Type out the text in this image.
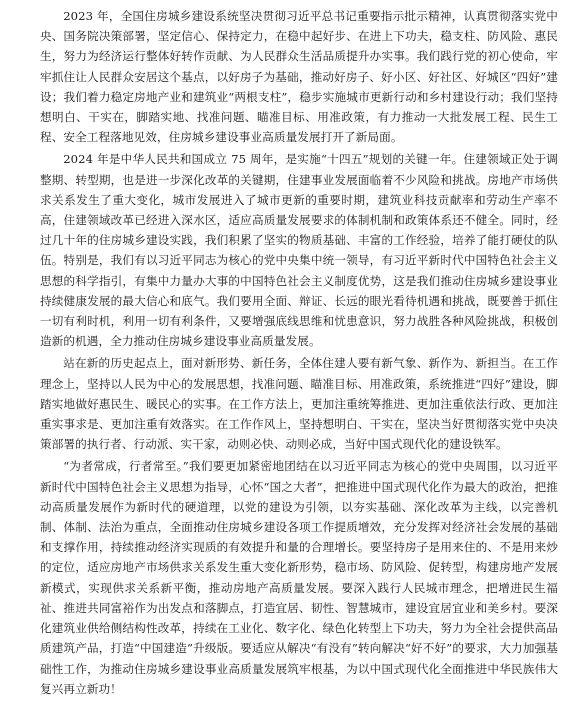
2023 年，全国住房城乡建设系统坚决贯彻习近平总书记重要指示批示精神，认真贯彻落实党中央、国务院决策部署，坚定信心、保持定力，在稳中起好步、在进上下功夫，稳支柱、防风险、惠民生，努力为经济运行整体好转作贡献、为人民群众生活品质提升办实事。我们践行党的初心使命，牢牢抓住让人民群众安居这个基点，以好房子为基础，推动好房子、好小区、好社区、好城区“四好”建设；我们着力稳定房地产业和建筑业“两根支柱”，稳步实施城市更新行动和乡村建设行动；我们坚持想明白、干实在，脚踏实地、找准问题、瞄准目标、用准政策，有力推动一大批发展工程、民生工程、安全工程落地见效，住房城乡建设事业高质量发展打开了新局面。

2024 年是中华人民共和国成立 75 周年，是实施“十四五”规划的关键一年。住建领域正处于调整期、转型期，也是进一步深化改革的关键期，住建事业发展面临着不少风险和挑战。房地产市场供求关系发生了重大变化，城市发展进入了城市更新的重要时期，建筑业科技贡献率和劳动生产率不高，住建领域改革已经进入深水区，适应高质量发展要求的体制机制和政策体系还不健全。同时，经过几十年的住房城乡建设实践，我们积累了坚实的物质基础、丰富的工作经验，培养了能打硬仗的队伍。特别是，我们有以习近平同志为核心的党中央集中统一领导，有习近平新时代中国特色社会主义思想的科学指引，有集中力量办大事的中国特色社会主义制度优势，这是我们推动住房城乡建设事业持续健康发展的最大信心和底气。我们要用全面、辩证、长远的眼光看待机遇和挑战，既要善于抓住一切有利时机，利用一切有利条件，又要增强底线思维和忧患意识，努力战胜各种风险挑战，积极创造新的机遇，全力推动住房城乡建设事业高质量发展。

站在新的历史起点上，面对新形势、新任务，全体住建人要有新气象、新作为、新担当。在工作理念上，坚持以人民为中心的发展思想，找准问题、瞄准目标、用准政策，系统推进“四好”建设，脚踏实地做好惠民生、暖民心的实事。在工作方法上，更加注重统筹推进、更加注重依法行政、更加注重实事求是、更加注重有效落实。在工作作风上，坚持想明白、干实在，坚决当好贯彻落实党中央决策部署的执行者、行动派、实干家，动则必快、动则必成，当好中国式现代化的建设铁军。

“为者常成，行者常至。”我们要更加紧密地团结在以习近平同志为核心的党中央周围，以习近平新时代中国特色社会主义思想为指导，心怀“国之大者”，把推进中国式现代化作为最大的政治，把推动高质量发展作为新时代的硬道理，以党的建设为引领，以夯实基础、深化改革为主线，以完善机制、体制、法治为重点，全面推动住房城乡建设各项工作提质增效，充分发挥对经济社会发展的基础和支撑作用，持续推动经济实现质的有效提升和量的合理增长。要坚持房子是用来住的、不是用来炒的定位，适应房地产市场供求关系发生重大变化新形势，稳市场、防风险、促转型，构建房地产发展新模式，实现供求关系新平衡，推动房地产高质量发展。要深入践行人民城市理念，把增进民生福祉、推进共同富裕作为出发点和落脚点，打造宜居、韧性、智慧城市，建设宜居宜业和美乡村。要深化建筑业供给侧结构性改革，持续在工业化、数字化、绿色化转型上下功夫，努力为全社会提供高品质建筑产品，打造“中国建造”升级版。要适应从解决“有没有”转向解决“好不好”的要求，大力加强基础性工作，为推动住房城乡建设事业高质量发展筑牢根基，为以中国式现代化全面推进中华民族伟大复兴再立新功！
